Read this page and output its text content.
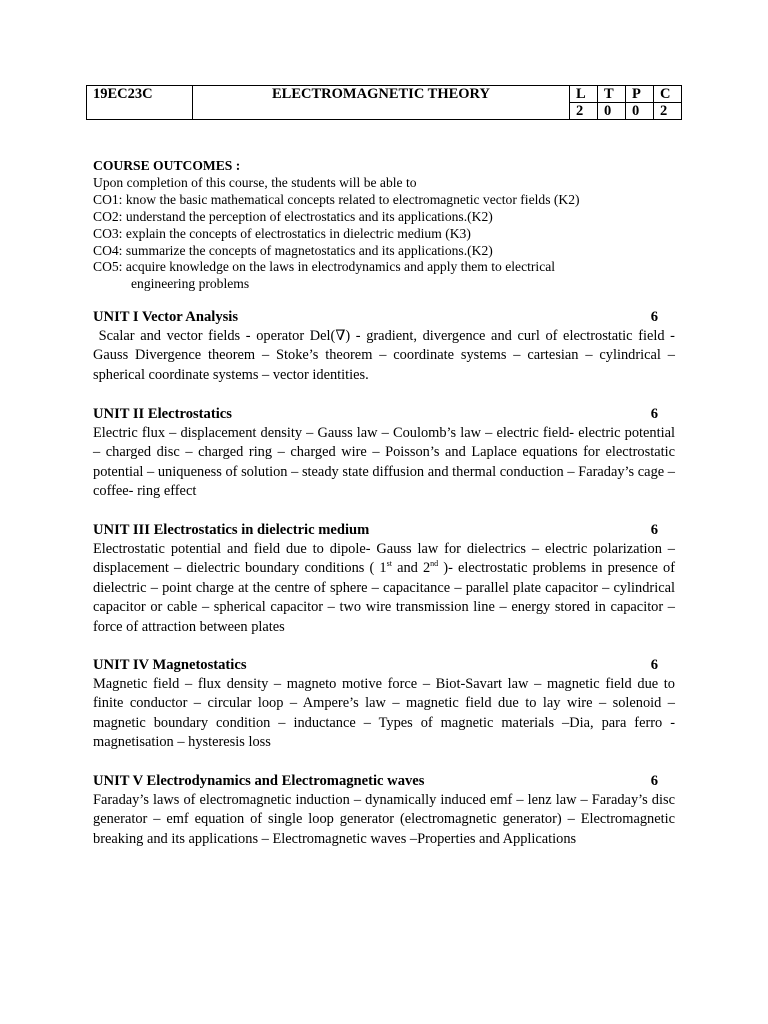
19EC23C	ELECTROMAGNETIC THEORY	L	T	P	C
		2	0	0	2
COURSE OUTCOMES :
Upon completion of this course, the students will be able to
CO1: know the basic mathematical concepts related to electromagnetic vector fields (K2)
CO2: understand the perception of electrostatics and its applications.(K2)
CO3: explain the concepts of electrostatics in dielectric medium (K3)
CO4: summarize the concepts of magnetostatics and its applications.(K2)
CO5: acquire knowledge on the laws in electrodynamics and apply them to electrical
engineering problems
UNIT I Vector Analysis	6
Scalar and vector fields - operator Del(∇) - gradient, divergence and curl of electrostatic field - Gauss Divergence theorem – Stoke’s theorem – coordinate systems – cartesian – cylindrical – spherical coordinate systems – vector identities.
UNIT II Electrostatics	6
Electric flux – displacement density – Gauss law – Coulomb’s law – electric field- electric potential – charged disc – charged ring – charged wire – Poisson’s and Laplace equations for electrostatic potential – uniqueness of solution – steady state diffusion and thermal conduction – Faraday’s cage – coffee- ring effect
UNIT III Electrostatics in dielectric medium	6
Electrostatic potential and field due to dipole- Gauss law for dielectrics – electric polarization – displacement – dielectric boundary conditions ( 1st and 2nd )- electrostatic problems in presence of dielectric – point charge at the centre of sphere – capacitance – parallel plate capacitor – cylindrical capacitor or cable – spherical capacitor – two wire transmission line – energy stored in capacitor – force of attraction between plates
UNIT IV Magnetostatics	6
Magnetic field – flux density – magneto motive force – Biot-Savart law – magnetic field due to finite conductor – circular loop – Ampere’s law – magnetic field due to lay wire – solenoid – magnetic boundary condition – inductance – Types of magnetic materials –Dia, para ferro - magnetisation – hysteresis loss
UNIT V Electrodynamics and Electromagnetic waves	6
Faraday’s laws of electromagnetic induction – dynamically induced emf – lenz law – Faraday’s disc generator – emf equation of single loop generator (electromagnetic generator) – Electromagnetic breaking and its applications – Electromagnetic waves –Properties and Applications
